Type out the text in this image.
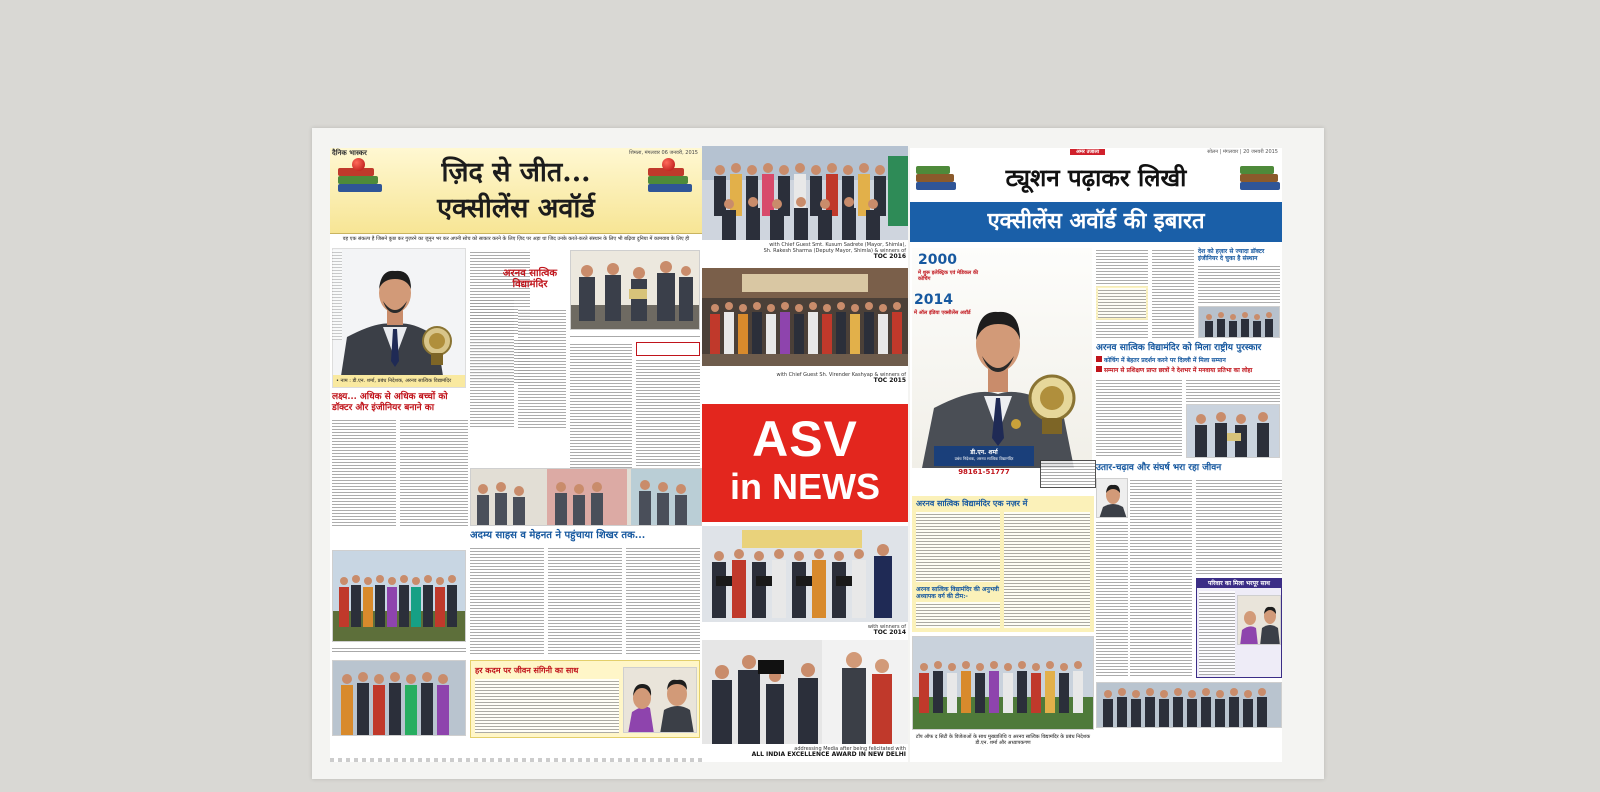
दैनिक भास्कर	शिमला, मंगलवार 06 जनवरी, 2015
ज़िद से जीत...
एक्सीलेंस अवॉर्ड
वह एक संकल्प है जिसने कुछ कर गुज़रने का जुनून भर कर अपनी सोच को साकार करने के लिए ज़िद पर अड़ा था जिद उनके करते-करते संस्थान के लिए भी बढ़िया दुनिया में कामयाब के लिए ही
• नाम : डी.एन. शर्मा, प्रबंध निदेशक, अरनव सात्विक विद्यामंदिर
अरनव सात्विक विद्यामंदिर
लक्ष्य... अधिक से अधिक बच्चों को डॉक्टर और इंजीनियर बनाने का
अदम्य साहस व मेहनत ने पहुंचाया शिखर तक...
हर कदम पर जीवन संगिनी का साथ
with Chief Guest Smt. Kusum Sadrete (Mayor, Shimla),
Sh. Rakesh Sharma (Deputy Mayor, Shimla) & winners of
TOC 2016
with Chief Guest Sh. Virender Kashyap & winners of
TOC 2015
ASV
in NEWS
with winners of
TOC 2014
addressing Media after being felicitated with
ALL INDIA EXCELLENCE AWARD IN NEW DELHI
अमर उजाला	सोलन | मंगलवार | 20 जनवरी 2015
ट्यूशन पढ़ाकर लिखी
एक्सीलेंस अवॉर्ड की इबारत
2000
में शुरू इलेक्ट्रिक एवं मेडिकल की कोचिंग
2014
में ऑल इंडिया एक्सीलेंस अवॉर्ड
डी.एन. शर्मा
प्रबंध निदेशक, अरनव सात्विक विद्यामंदिर
98161-51777
देश को हज़ार से ज्यादा डॉक्टर इंजीनियर दे चुका है संस्थान
अरनव सात्विक विद्यामंदिर को मिला राष्ट्रीय पुरस्कार
कोचिंग में बेहतर प्रदर्शन करने पर दिल्ली में मिला सम्मान
सम्मान से प्रशिक्षण प्राप्त छात्रों ने देशभर में मनवाया प्रतिभा का लोहा
उतार-चढ़ाव और संघर्ष भरा रहा जीवन
परिवार का मिला भरपूर साथ
अरनव सात्विक विद्यामंदिर एक नज़र में
अरनव सात्विक विद्यामंदिर की अनुभवी अध्यापक वर्ग की टीम:-
टॉप ऑफ द सिटी के विजेताओं के साथ मुख्यातिथि व अरनव सात्विक विद्यामंदिर के प्रबंध निदेशक डी.एन. शर्मा और अध्यापकगण
